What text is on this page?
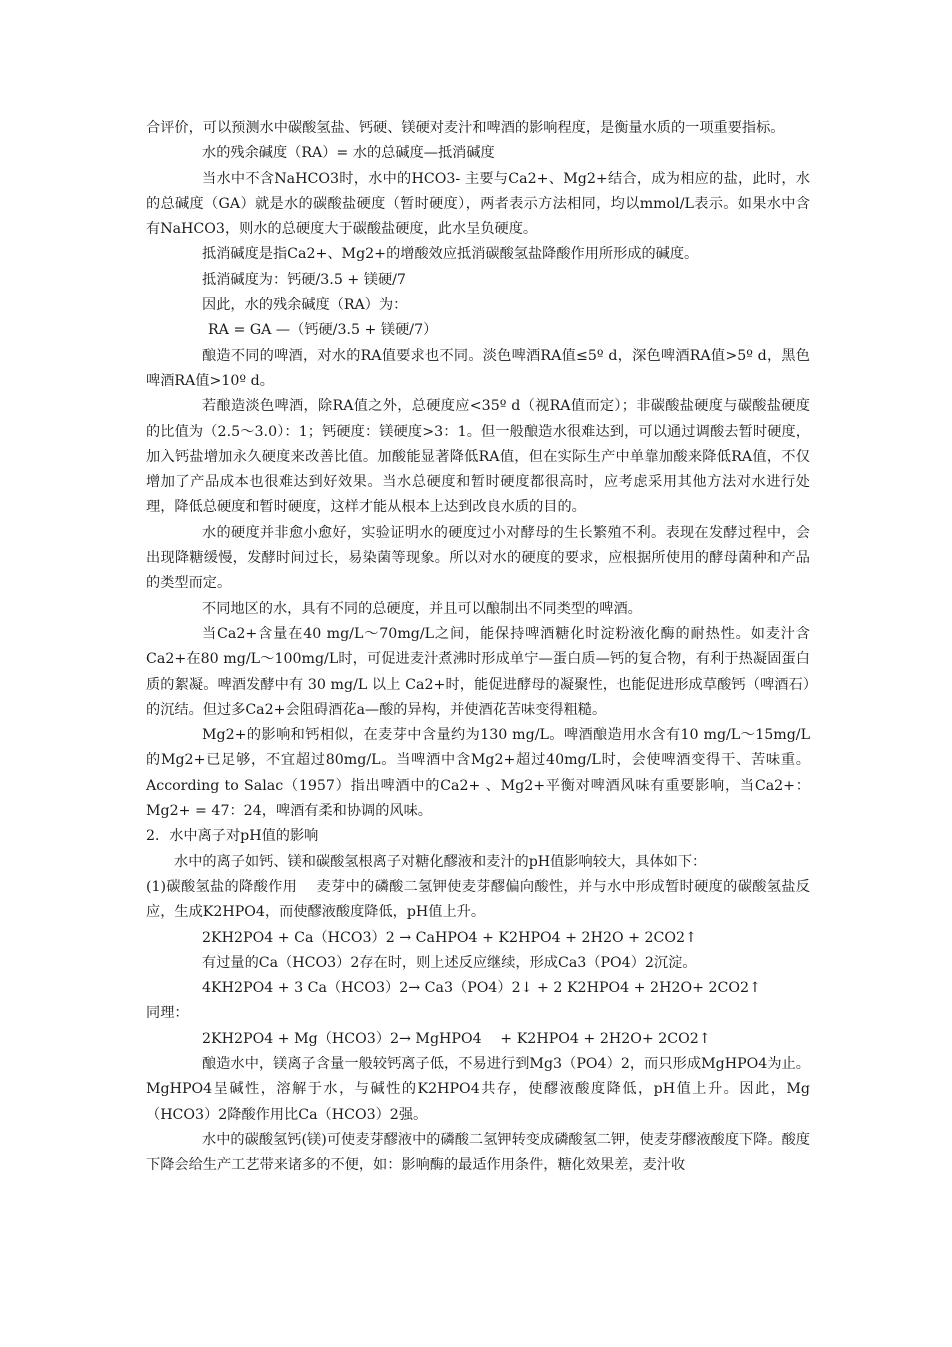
合评价，可以预测水中碳酸氢盐、钙硬、镁硬对麦汁和啤酒的影响程度，是衡量水质的一项重要指标。

水的残余碱度（RA）= 水的总碱度—抵消碱度

当水中不含NaHCO3时，水中的HCO3- 主要与Ca2+、Mg2+结合，成为相应的盐，此时，水的总碱度（GA）就是水的碳酸盐硬度（暂时硬度），两者表示方法相同，均以mmol/L表示。如果水中含有NaHCO3，则水的总硬度大于碳酸盐硬度，此水呈负硬度。

抵消碱度是指Ca2+、Mg2+的增酸效应抵消碳酸氢盐降酸作用所形成的碱度。

抵消碱度为：钙硬/3.5 + 镁硬/7

因此，水的残余碱度（RA）为：

RA = GA —（钙硬/3.5 + 镁硬/7）

酿造不同的啤酒，对水的RA值要求也不同。淡色啤酒RA值≤5º d，深色啤酒RA值>5º d，黑色啤酒RA值>10º d。

若酿造淡色啤酒，除RA值之外，总硬度应<35º d（视RA值而定）；非碳酸盐硬度与碳酸盐硬度的比值为（2.5～3.0）：1；钙硬度：镁硬度>3：1。但一般酿造水很难达到，可以通过调酸去暂时硬度，加入钙盐增加永久硬度来改善比值。加酸能显著降低RA值，但在实际生产中单靠加酸来降低RA值，不仅增加了产品成本也很难达到好效果。当水总硬度和暂时硬度都很高时，应考虑采用其他方法对水进行处理，降低总硬度和暂时硬度，这样才能从根本上达到改良水质的目的。

水的硬度并非愈小愈好，实验证明水的硬度过小对酵母的生长繁殖不利。表现在发酵过程中，会出现降糖缓慢，发酵时间过长，易染菌等现象。所以对水的硬度的要求，应根据所使用的酵母菌种和产品的类型而定。

不同地区的水，具有不同的总硬度，并且可以酿制出不同类型的啤酒。

当Ca2+含量在40 mg/L～70mg/L之间，能保持啤酒糖化时淀粉液化酶的耐热性。如麦汁含Ca2+在80 mg/L～100mg/L时，可促进麦汁煮沸时形成单宁—蛋白质—钙的复合物，有利于热凝固蛋白质的絮凝。啤酒发酵中有 30 mg/L 以上 Ca2+时，能促进酵母的凝聚性，也能促进形成草酸钙（啤酒石）的沉结。但过多Ca2+会阻碍酒花a—酸的异构，并使酒花苦味变得粗糙。

Mg2+的影响和钙相似，在麦芽中含量约为130 mg/L。啤酒酿造用水含有10 mg/L～15mg/L的Mg2+已足够，不宜超过80mg/L。当啤酒中含Mg2+超过40mg/L时，会使啤酒变得干、苦味重。According to Salac（1957）指出啤酒中的Ca2+ 、Mg2+平衡对啤酒风味有重要影响，当Ca2+：Mg2+ = 47：24，啤酒有柔和协调的风味。

2．水中离子对pH值的影响

水中的离子如钙、镁和碳酸氢根离子对糖化醪液和麦汁的pH值影响较大，具体如下：

(1)碳酸氢盐的降酸作用　 麦芽中的磷酸二氢钾使麦芽醪偏向酸性，并与水中形成暂时硬度的碳酸氢盐反应，生成K2HPO4，而使醪液酸度降低，pH值上升。

2KH2PO4 + Ca（HCO3）2 → CaHPO4 + K2HPO4 + 2H2O + 2CO2↑

有过量的Ca（HCO3）2存在时，则上述反应继续，形成Ca3（PO4）2沉淀。

4KH2PO4 + 3 Ca（HCO3）2→ Ca3（PO4）2↓ + 2 K2HPO4 + 2H2O+ 2CO2↑

同理：

2KH2PO4 + Mg（HCO3）2→ MgHPO4　 + K2HPO4 + 2H2O+ 2CO2↑

酿造水中，镁离子含量一般较钙离子低，不易进行到Mg3（PO4）2，而只形成MgHPO4为止。MgHPO4呈碱性，溶解于水，与碱性的K2HPO4共存，使醪液酸度降低，pH值上升。因此，Mg（HCO3）2降酸作用比Ca（HCO3）2强。

水中的碳酸氢钙(镁)可使麦芽醪液中的磷酸二氢钾转变成磷酸氢二钾，使麦芽醪液酸度下降。酸度下降会给生产工艺带来诸多的不便，如：影响酶的最适作用条件，糖化效果差，麦汁收
